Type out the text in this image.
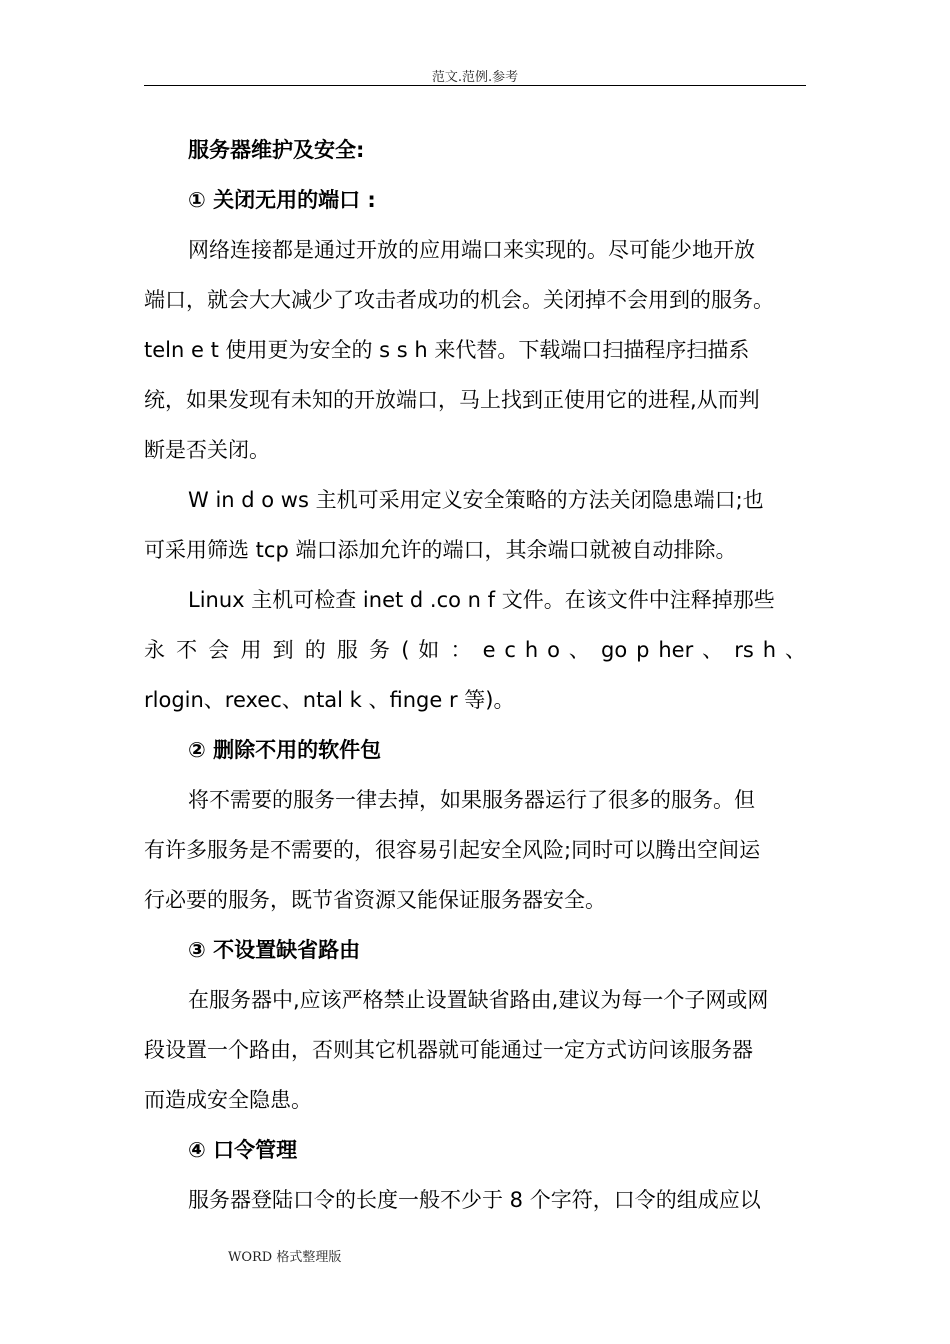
范文.范例.参考
服务器维护及安全:
① 关闭无用的端口 :
网络连接都是通过开放的应用端口来实现的。尽可能少地开放
端口，就会大大减少了攻击者成功的机会。关闭掉不会用到的服务。
teln e t 使用更为安全的 s s h 来代替。下载端口扫描程序扫描系
统，如果发现有未知的开放端口，马上找到正使用它的进程,从而判
断是否关闭。
W in d o ws 主机可采用定义安全策略的方法关闭隐患端口;也
可采用筛选 tcp 端口添加允许的端口，其余端口就被自动排除。
Linux 主机可检查 inet d .co n f 文件。在该文件中注释掉那些
永 不 会 用 到 的 服 务 ( 如 ： e c h o 、 go p her 、 rs h 、
rlogin、rexec、ntal k 、finge r 等)。
② 删除不用的软件包
将不需要的服务一律去掉，如果服务器运行了很多的服务。但
有许多服务是不需要的，很容易引起安全风险;同时可以腾出空间运
行必要的服务，既节省资源又能保证服务器安全。
③ 不设置缺省路由
在服务器中,应该严格禁止设置缺省路由,建议为每一个子网或网
段设置一个路由，否则其它机器就可能通过一定方式访问该服务器
而造成安全隐患。
④ 口令管理
服务器登陆口令的长度一般不少于 8 个字符，口令的组成应以
WORD 格式整理版
